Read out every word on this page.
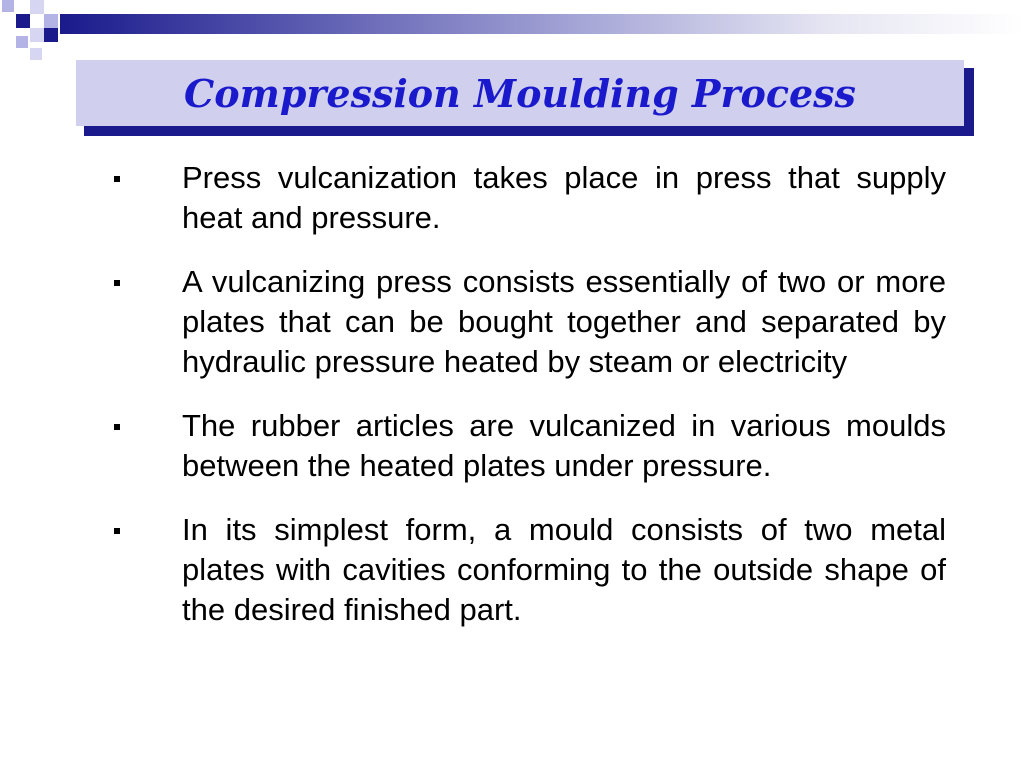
Compression Moulding Process

Press vulcanization takes place in press that supply heat and pressure.

A vulcanizing press consists essentially of two or more plates that can be bought together and separated by hydraulic pressure heated by steam or electricity

The rubber articles are vulcanized in various moulds between the heated plates under pressure.

In its simplest form, a mould consists of two metal plates with cavities conforming to the outside shape of the desired finished part.
